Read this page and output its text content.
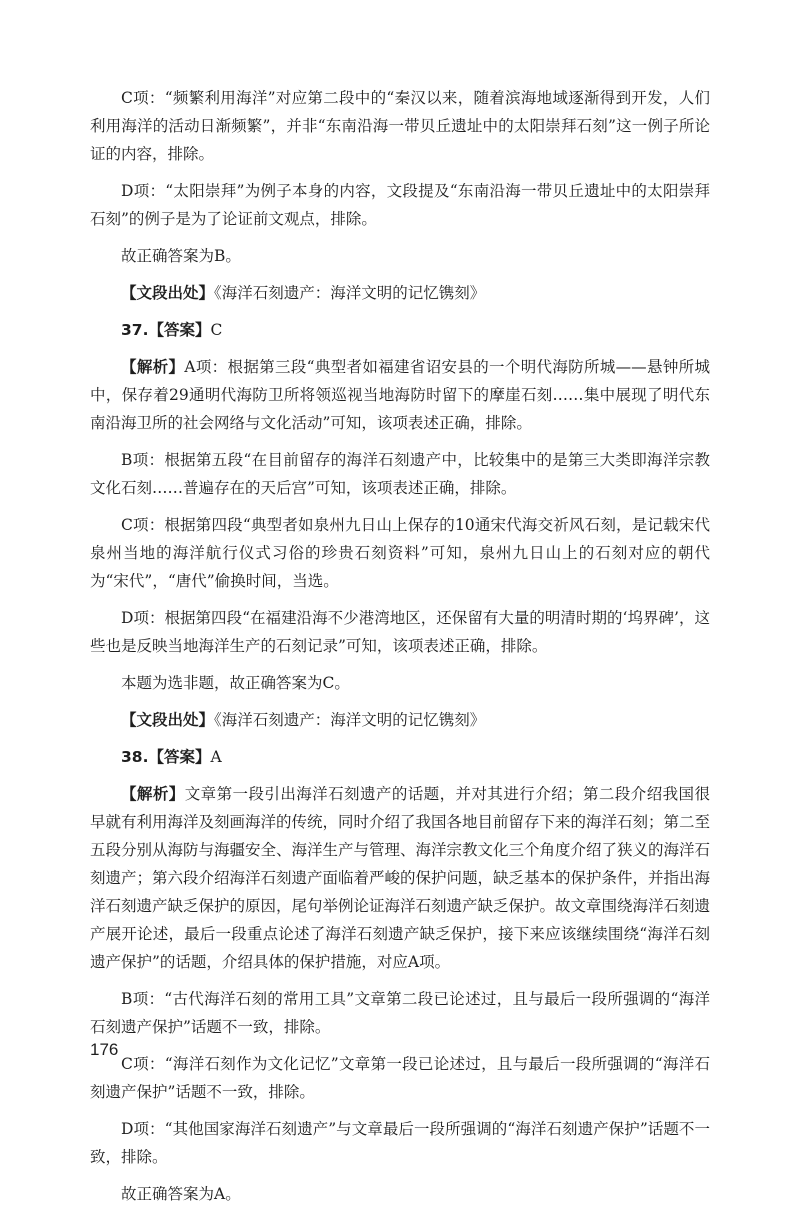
C项：“频繁利用海洋”对应第二段中的“秦汉以来，随着滨海地域逐渐得到开发，人们利用海洋的活动日渐频繁”，并非“东南沿海一带贝丘遗址中的太阳崇拜石刻”这一例子所论证的内容，排除。

D项：“太阳崇拜”为例子本身的内容，文段提及“东南沿海一带贝丘遗址中的太阳崇拜石刻”的例子是为了论证前文观点，排除。

故正确答案为B。

【文段出处】《海洋石刻遗产：海洋文明的记忆镌刻》

37.【答案】C

【解析】A项：根据第三段“典型者如福建省诏安县的一个明代海防所城——悬钟所城中，保存着29通明代海防卫所将领巡视当地海防时留下的摩崖石刻……集中展现了明代东南沿海卫所的社会网络与文化活动”可知，该项表述正确，排除。

B项：根据第五段“在目前留存的海洋石刻遗产中，比较集中的是第三大类即海洋宗教文化石刻……普遍存在的天后宫”可知，该项表述正确，排除。

C项：根据第四段“典型者如泉州九日山上保存的10通宋代海交祈风石刻，是记载宋代泉州当地的海洋航行仪式习俗的珍贵石刻资料”可知，泉州九日山上的石刻对应的朝代为“宋代”，“唐代”偷换时间，当选。

D项：根据第四段“在福建沿海不少港湾地区，还保留有大量的明清时期的‘坞界碑’，这些也是反映当地海洋生产的石刻记录”可知，该项表述正确，排除。

本题为选非题，故正确答案为C。

【文段出处】《海洋石刻遗产：海洋文明的记忆镌刻》

38.【答案】A

【解析】文章第一段引出海洋石刻遗产的话题，并对其进行介绍；第二段介绍我国很早就有利用海洋及刻画海洋的传统，同时介绍了我国各地目前留存下来的海洋石刻；第二至五段分别从海防与海疆安全、海洋生产与管理、海洋宗教文化三个角度介绍了狭义的海洋石刻遗产；第六段介绍海洋石刻遗产面临着严峻的保护问题，缺乏基本的保护条件，并指出海洋石刻遗产缺乏保护的原因，尾句举例论证海洋石刻遗产缺乏保护。故文章围绕海洋石刻遗产展开论述，最后一段重点论述了海洋石刻遗产缺乏保护，接下来应该继续围绕“海洋石刻遗产保护”的话题，介绍具体的保护措施，对应A项。

B项：“古代海洋石刻的常用工具”文章第二段已论述过，且与最后一段所强调的“海洋石刻遗产保护”话题不一致，排除。

C项：“海洋石刻作为文化记忆”文章第一段已论述过，且与最后一段所强调的“海洋石刻遗产保护”话题不一致，排除。

D项：“其他国家海洋石刻遗产”与文章最后一段所强调的“海洋石刻遗产保护”话题不一致，排除。

故正确答案为A。

176
